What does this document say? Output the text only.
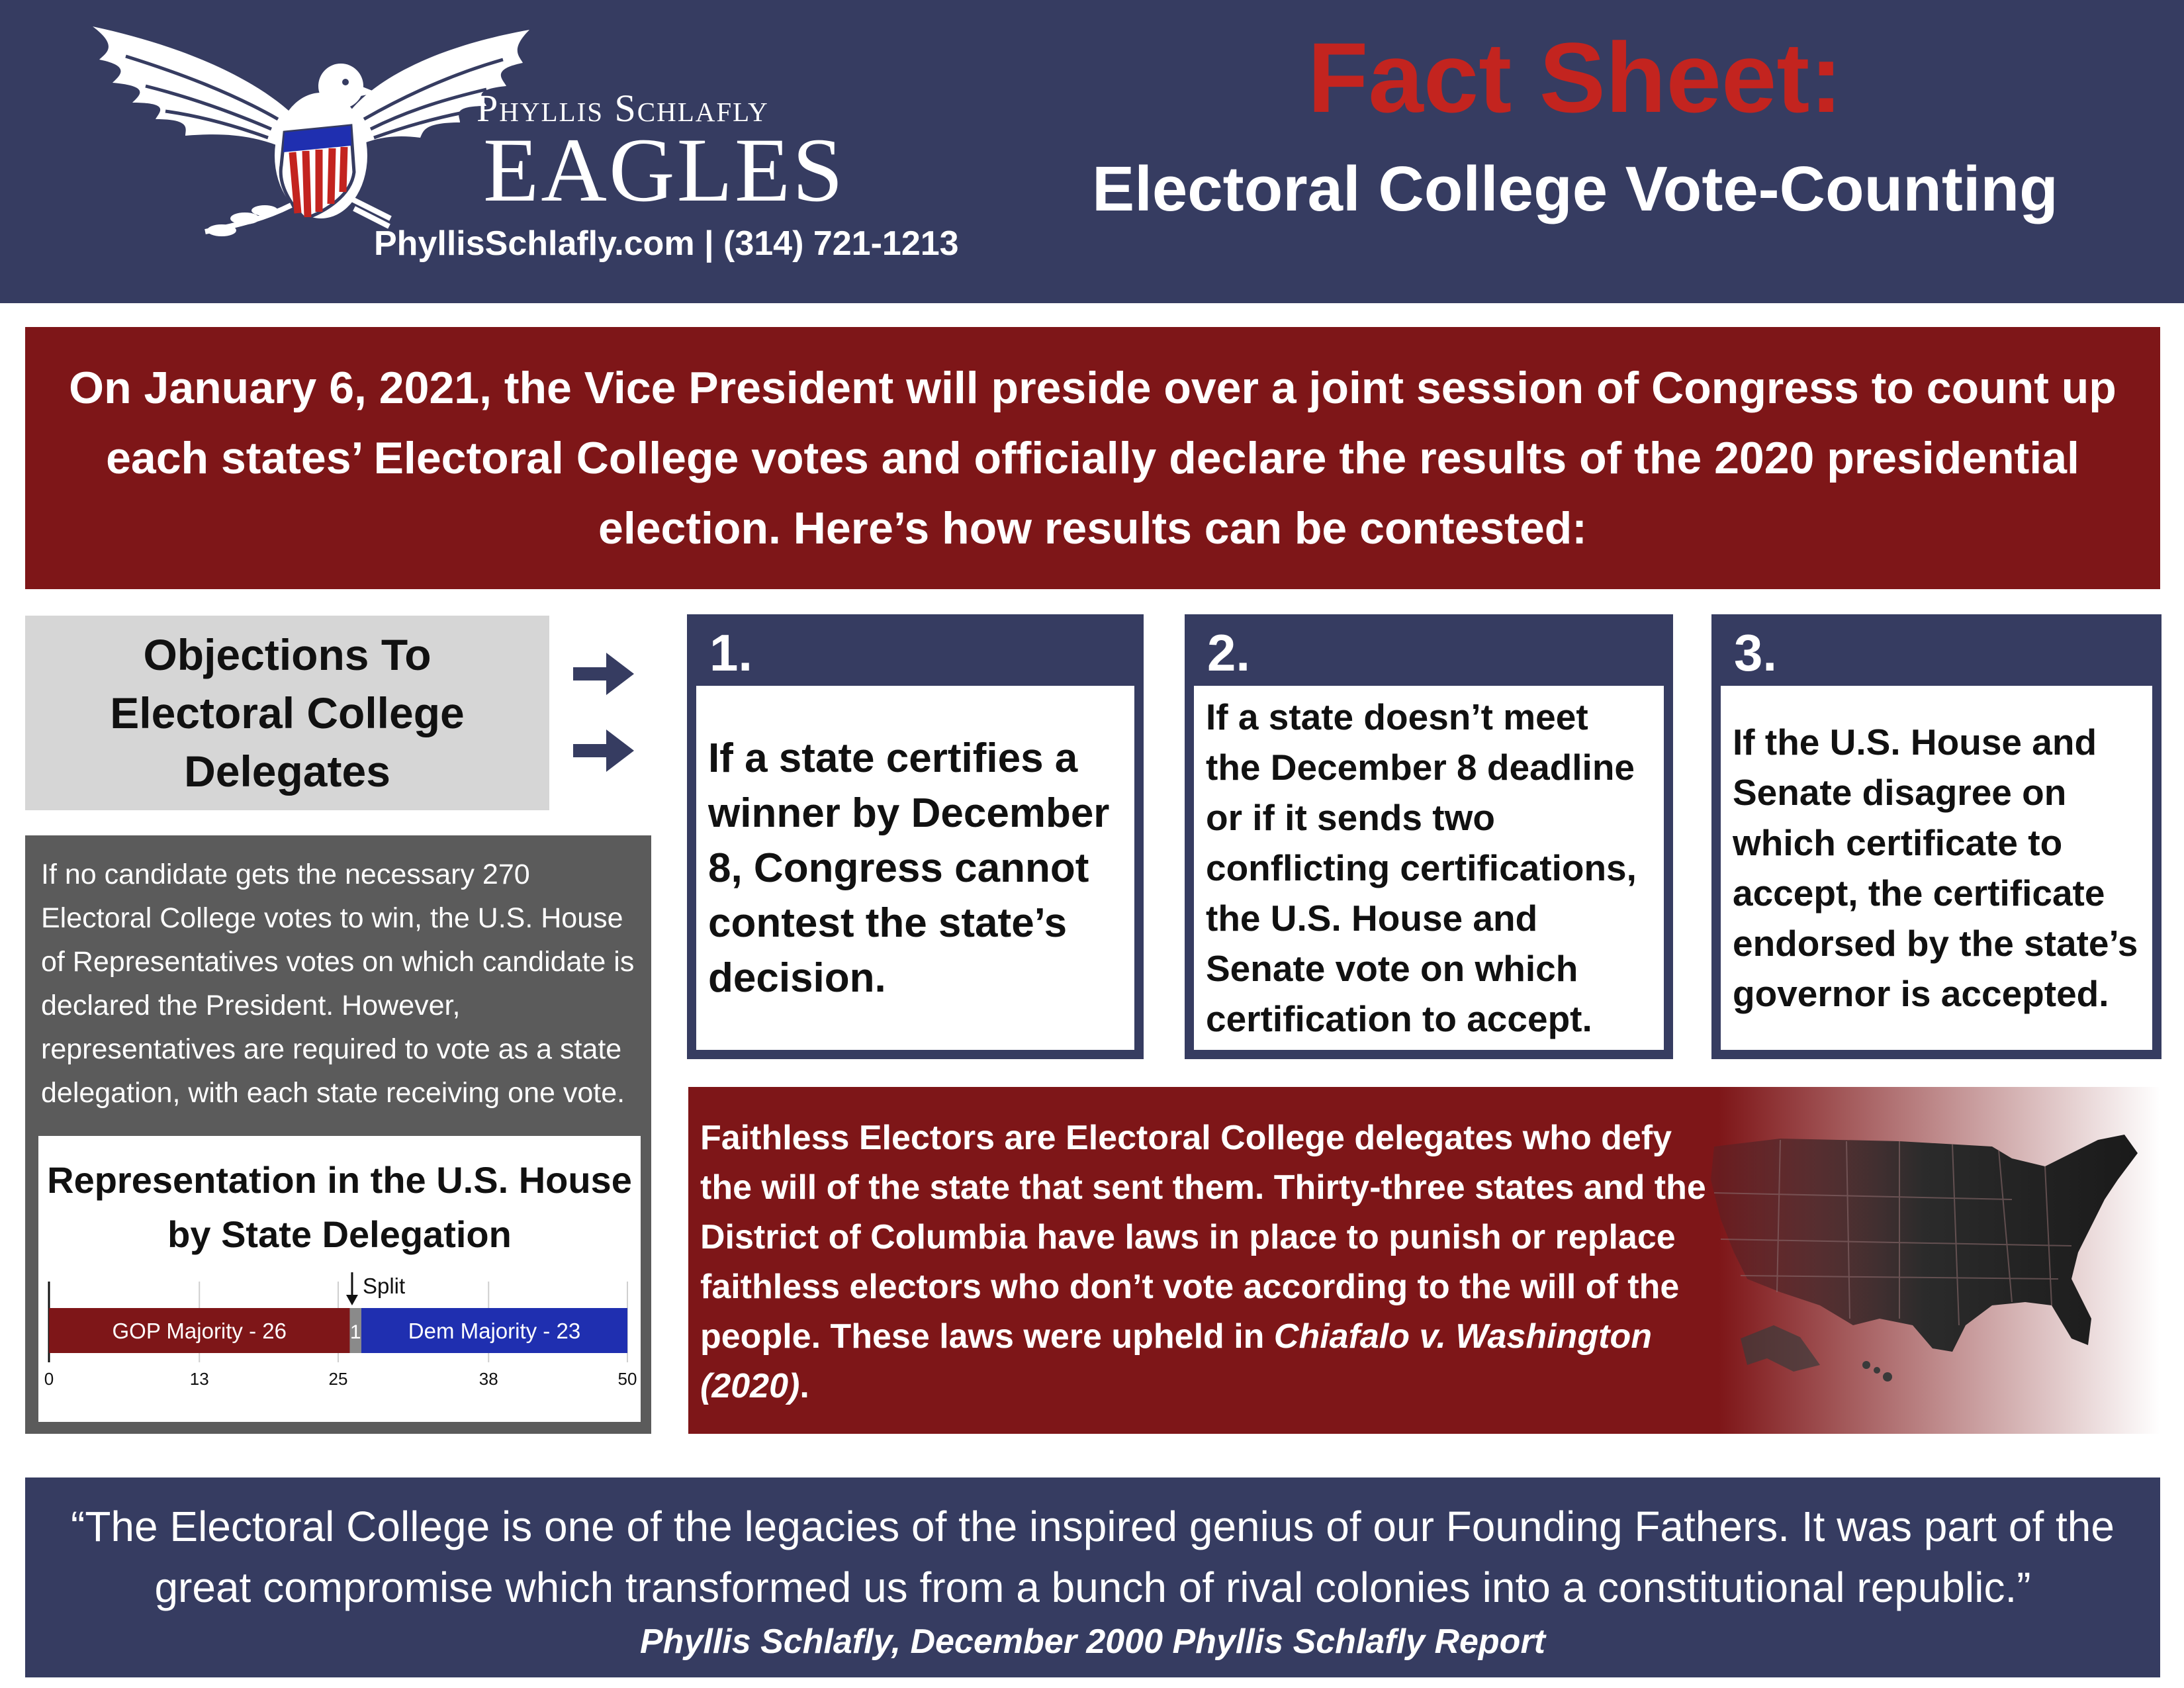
Phyllis Schlafly
EAGLES
PhyllisSchlafly.com | (314) 721-1213
Fact Sheet:
Electoral College Vote-Counting
On January 6, 2021, the Vice President will preside over a joint session of Congress to count up each states’ Electoral College votes and officially declare the results of the 2020 presidential election. Here’s how results can be contested:
Objections To Electoral College Delegates
1.
If a state certifies a winner by December 8, Congress cannot contest the state’s decision.
2.
If a state doesn’t meet the December 8 deadline or if it sends two conflicting certifications, the U.S. House and Senate vote on which certification to accept.
3.
If the U.S. House and Senate disagree on which certificate to accept, the certificate endorsed by the state’s governor is accepted.
If no candidate gets the necessary 270 Electoral College votes to win, the U.S. House of Representatives votes on which candidate is declared the President. However, representatives are required to vote as a state delegation, with each state receiving one vote.
Representation in the U.S. House by State Delegation
GOP Majority - 26	1 Dem Majority - 23
Split
0	13	25	38	50
Faithless Electors are Electoral College delegates who defy the will of the state that sent them. Thirty-three states and the District of Columbia have laws in place to punish or replace faithless electors who don’t vote according to the will of the people. These laws were upheld in Chiafalo v. Washington (2020).
“The Electoral College is one of the legacies of the inspired genius of our Founding Fathers. It was part of the great compromise which transformed us from a bunch of rival colonies into a constitutional republic.”
Phyllis Schlafly, December 2000 Phyllis Schlafly Report
